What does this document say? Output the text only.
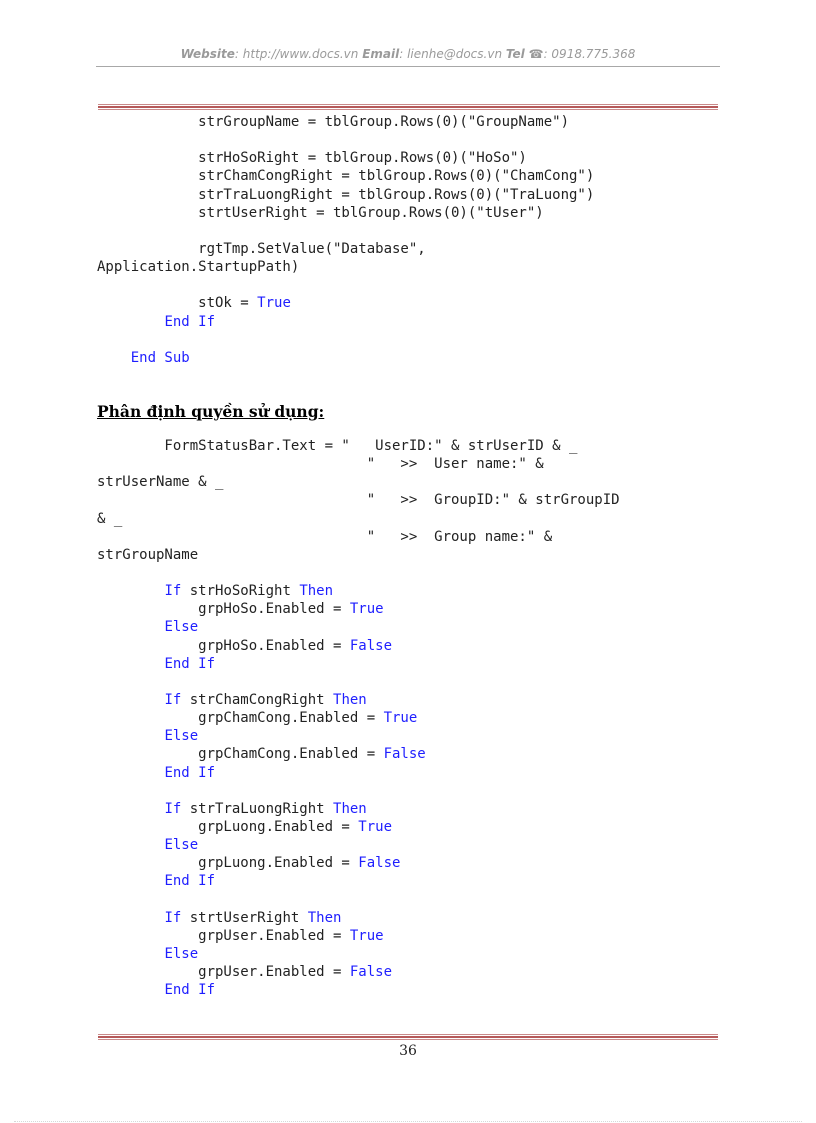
Website: http://www.docs.vn Email: lienhe@docs.vn Tel ☎: 0918.775.368
strGroupName = tblGroup.Rows(0)("GroupName")
strHoSoRight = tblGroup.Rows(0)("HoSo")
strChamCongRight = tblGroup.Rows(0)("ChamCong")
strTraLuongRight = tblGroup.Rows(0)("TraLuong")
strtUserRight = tblGroup.Rows(0)("tUser")
rgtTmp.SetValue("Database",
Application.StartupPath)
stOk = True
End If
End Sub
Phân định quyền sử dụng:
FormStatusBar.Text = "   UserID:" & strUserID & _
"   >>  User name:" &
strUserName & _
"   >>  GroupID:" & strGroupID
& _
"   >>  Group name:" &
strGroupName
If strHoSoRight Then
grpHoSo.Enabled = True
Else
grpHoSo.Enabled = False
End If
If strChamCongRight Then
grpChamCong.Enabled = True
Else
grpChamCong.Enabled = False
End If
If strTraLuongRight Then
grpLuong.Enabled = True
Else
grpLuong.Enabled = False
End If
If strtUserRight Then
grpUser.Enabled = True
Else
grpUser.Enabled = False
End If
36
